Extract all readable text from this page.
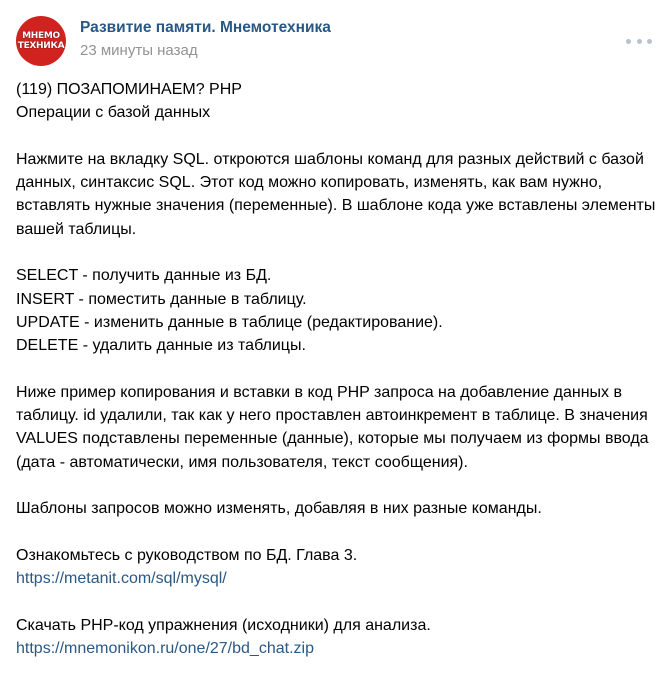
МНЕМО
ТЕХНИКА
Развитие памяти. Мнемотехника
23 минуты назад
(119) ПОЗАПОМИНАЕМ? PHP
Операции с базой данных

Нажмите на вкладку SQL. откроются шаблоны команд для разных действий с базой данных, синтаксис SQL. Этот код можно копировать, изменять, как вам нужно, вставлять нужные значения (переменные). В шаблоне кода уже вставлены элементы вашей таблицы.

SELECT - получить данные из БД.
INSERT - поместить данные в таблицу.
UPDATE - изменить данные в таблице (редактирование).
DELETE - удалить данные из таблицы.

Ниже пример копирования и вставки в код PHP запроса на добавление данных в таблицу. id удалили, так как у него проставлен автоинкремент в таблице. В значения VALUES подставлены переменные (данные), которые мы получаем из формы ввода (дата - автоматически, имя пользователя, текст сообщения).

Шаблоны запросов можно изменять, добавляя в них разные команды.

Ознакомьтесь с руководством по БД. Глава 3.
https://metanit.com/sql/mysql/

Скачать PHP-код упражнения (исходники) для анализа.
https://mnemonikon.ru/one/27/bd_chat.zip
